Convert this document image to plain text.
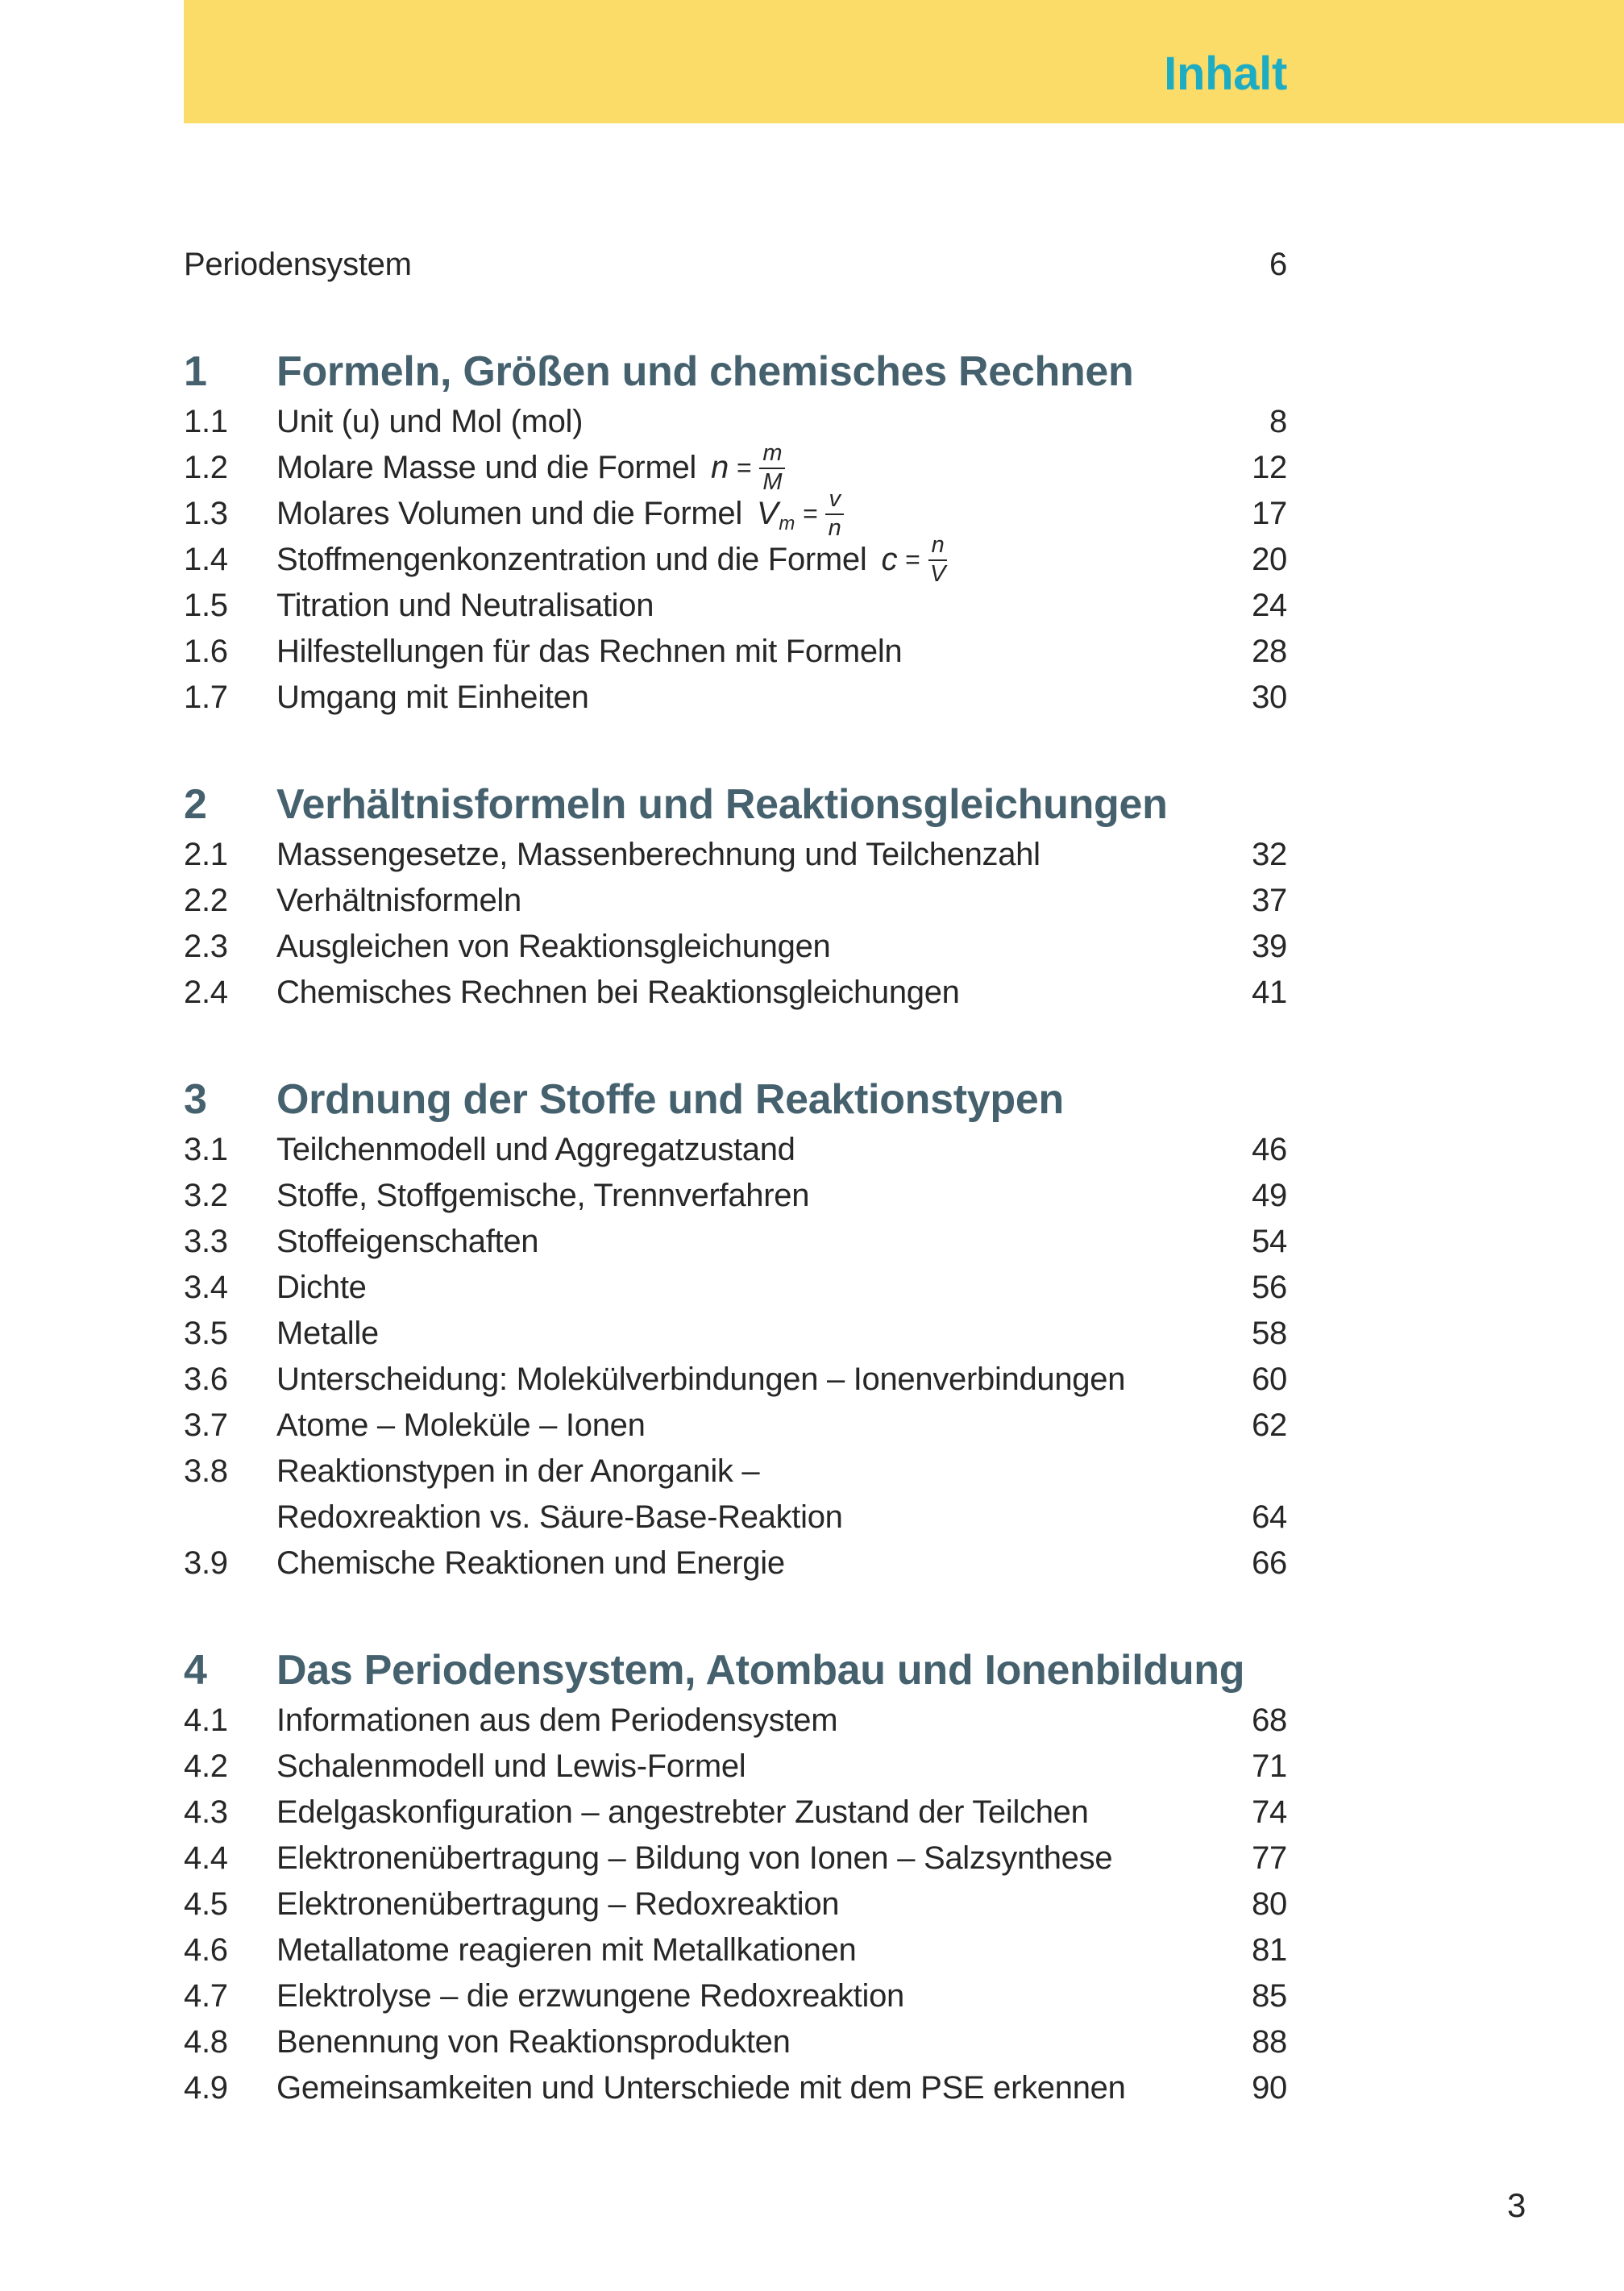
Inhalt
Periodensystem	6
1	Formeln, Größen und chemisches Rechnen
1.1	Unit (u) und Mol (mol)	8
1.2	Molare Masse und die Formel $n = \frac{m}{M}$	12
1.3	Molares Volumen und die Formel V $m = \frac{v}{n}$	17
1.4	Stoffmengenkonzentration und die Formel $c = \frac{n}{V}$	20
1.5	Titration und Neutralisation	24
1.6	Hilfestellungen für das Rechnen mit Formeln	28
1.7	Umgang mit Einheiten	30
2	Verhältnisformeln und Reaktionsgleichungen
2.1	Massengesetze, Massenberechnung und Teilchenzahl	32
2.2	Verhältnisformeln	37
2.3	Ausgleichen von Reaktionsgleichungen	39
2.4	Chemisches Rechnen bei Reaktionsgleichungen	41
3	Ordnung der Stoffe und Reaktionstypen
3.1	Teilchenmodell und Aggregatzustand	46
3.2	Stoffe, Stoffgemische, Trennverfahren	49
3.3	Stoffeigenschaften	54
3.4	Dichte	56
3.5	Metalle	58
3.6	Unterscheidung: Molekülverbindungen – Ionenverbindungen	60
3.7	Atome – Moleküle – Ionen	62
3.8	Reaktionstypen in der Anorganik –
Redoxreaktion vs. Säure-Base-Reaktion	64
3.9	Chemische Reaktionen und Energie	66
4	Das Periodensystem, Atombau und Ionenbildung
4.1	Informationen aus dem Periodensystem	68
4.2	Schalenmodell und Lewis-Formel	71
4.3	Edelgaskonfiguration – angestrebter Zustand der Teilchen	74
4.4	Elektronenübertragung – Bildung von Ionen – Salzsynthese	77
4.5	Elektronenübertragung – Redoxreaktion	80
4.6	Metallatome reagieren mit Metallkationen	81
4.7	Elektrolyse – die erzwungene Redoxreaktion	85
4.8	Benennung von Reaktionsprodukten	88
4.9	Gemeinsamkeiten und Unterschiede mit dem PSE erkennen	90
3
